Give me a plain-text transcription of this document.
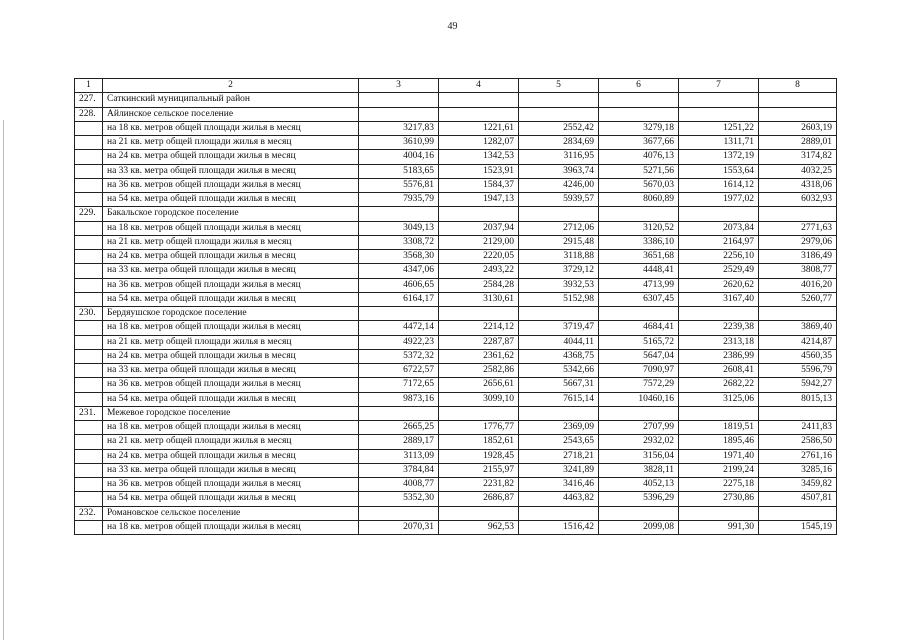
49
1	2	3	4	5	6	7	8
227.	Саткинский муниципальный район						
228.	Айлинское сельское поселение						
	на 18 кв. метров общей площади жилья в месяц	3217,83	1221,61	2552,42	3279,18	1251,22	2603,19
	на 21 кв. метр общей площади жилья в месяц	3610,99	1282,07	2834,69	3677,66	1311,71	2889,01
	на 24 кв. метра общей площади жилья в месяц	4004,16	1342,53	3116,95	4076,13	1372,19	3174,82
	на 33 кв. метра общей площади жилья в месяц	5183,65	1523,91	3963,74	5271,56	1553,64	4032,25
	на 36 кв. метров общей площади жилья в месяц	5576,81	1584,37	4246,00	5670,03	1614,12	4318,06
	на 54 кв. метра общей площади жилья в месяц	7935,79	1947,13	5939,57	8060,89	1977,02	6032,93
229.	Бакальское городское поселение						
	на 18 кв. метров общей площади жилья в месяц	3049,13	2037,94	2712,06	3120,52	2073,84	2771,63
	на 21 кв. метр общей площади жилья в месяц	3308,72	2129,00	2915,48	3386,10	2164,97	2979,06
	на 24 кв. метра общей площади жилья в месяц	3568,30	2220,05	3118,88	3651,68	2256,10	3186,49
	на 33 кв. метра общей площади жилья в месяц	4347,06	2493,22	3729,12	4448,41	2529,49	3808,77
	на 36 кв. метров общей площади жилья в месяц	4606,65	2584,28	3932,53	4713,99	2620,62	4016,20
	на 54 кв. метра общей площади жилья в месяц	6164,17	3130,61	5152,98	6307,45	3167,40	5260,77
230.	Бердяушское городское поселение						
	на 18 кв. метров общей площади жилья в месяц	4472,14	2214,12	3719,47	4684,41	2239,38	3869,40
	на 21 кв. метр общей площади жилья в месяц	4922,23	2287,87	4044,11	5165,72	2313,18	4214,87
	на 24 кв. метра общей площади жилья в месяц	5372,32	2361,62	4368,75	5647,04	2386,99	4560,35
	на 33 кв. метра общей площади жилья в месяц	6722,57	2582,86	5342,66	7090,97	2608,41	5596,79
	на 36 кв. метров общей площади жилья в месяц	7172,65	2656,61	5667,31	7572,29	2682,22	5942,27
	на 54 кв. метра общей площади жилья в месяц	9873,16	3099,10	7615,14	10460,16	3125,06	8015,13
231.	Межевое городское поселение						
	на 18 кв. метров общей площади жилья в месяц	2665,25	1776,77	2369,09	2707,99	1819,51	2411,83
	на 21 кв. метр общей площади жилья в месяц	2889,17	1852,61	2543,65	2932,02	1895,46	2586,50
	на 24 кв. метра общей площади жилья в месяц	3113,09	1928,45	2718,21	3156,04	1971,40	2761,16
	на 33 кв. метра общей площади жилья в месяц	3784,84	2155,97	3241,89	3828,11	2199,24	3285,16
	на 36 кв. метров общей площади жилья в месяц	4008,77	2231,82	3416,46	4052,13	2275,18	3459,82
	на 54 кв. метра общей площади жилья в месяц	5352,30	2686,87	4463,82	5396,29	2730,86	4507,81
232.	Романовское сельское поселение						
	на 18 кв. метров общей площади жилья в месяц	2070,31	962,53	1516,42	2099,08	991,30	1545,19
